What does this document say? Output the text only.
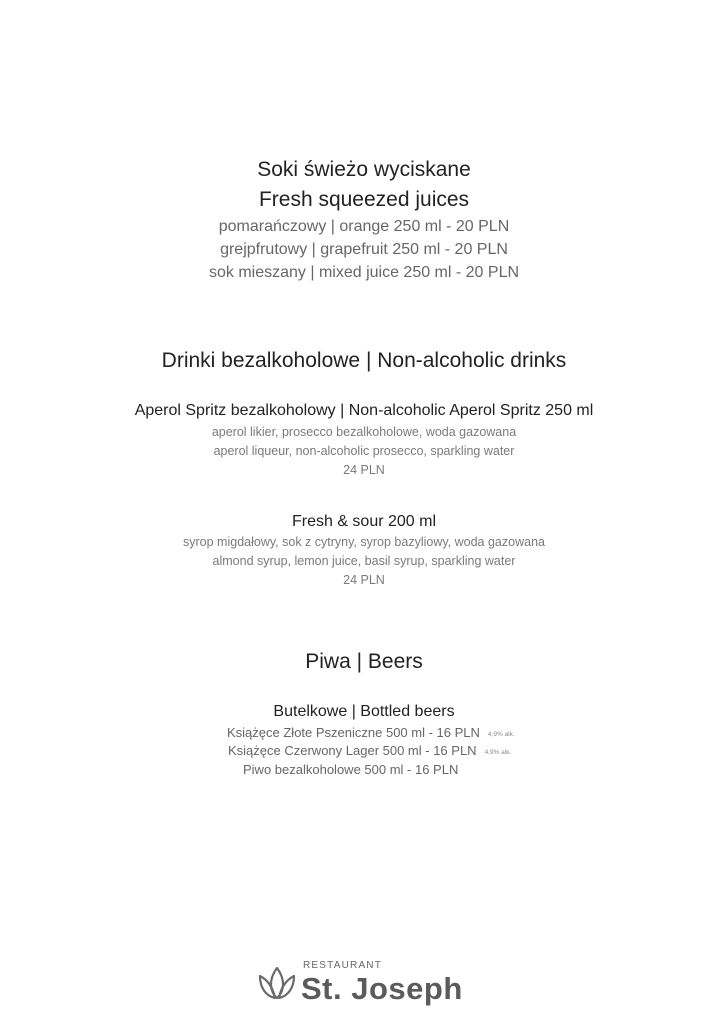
Soki świeżo wyciskane
Fresh squeezed juices
pomarańczowy | orange 250 ml - 20 PLN
grejpfrutowy | grapefruit 250 ml - 20 PLN
sok mieszany | mixed juice 250 ml - 20 PLN
Drinki bezalkoholowe | Non-alcoholic drinks
Aperol Spritz bezalkoholowy | Non-alcoholic Aperol Spritz 250 ml
aperol likier, prosecco bezalkoholowe, woda gazowana
aperol liqueur, non-alcoholic prosecco, sparkling water
24 PLN
Fresh & sour 200 ml
syrop migdałowy, sok z cytryny, syrop bazyliowy, woda gazowana
almond syrup, lemon juice, basil syrup, sparkling water
24 PLN
Piwa | Beers
Butelkowe | Bottled beers
Książęce Złote Pszeniczne 500 ml - 16 PLN 4,9% alk.
Książęce Czerwony Lager 500 ml - 16 PLN 4,9% alk.
Piwo bezalkoholowe 500 ml - 16 PLN
RESTAURANT
St. Joseph
